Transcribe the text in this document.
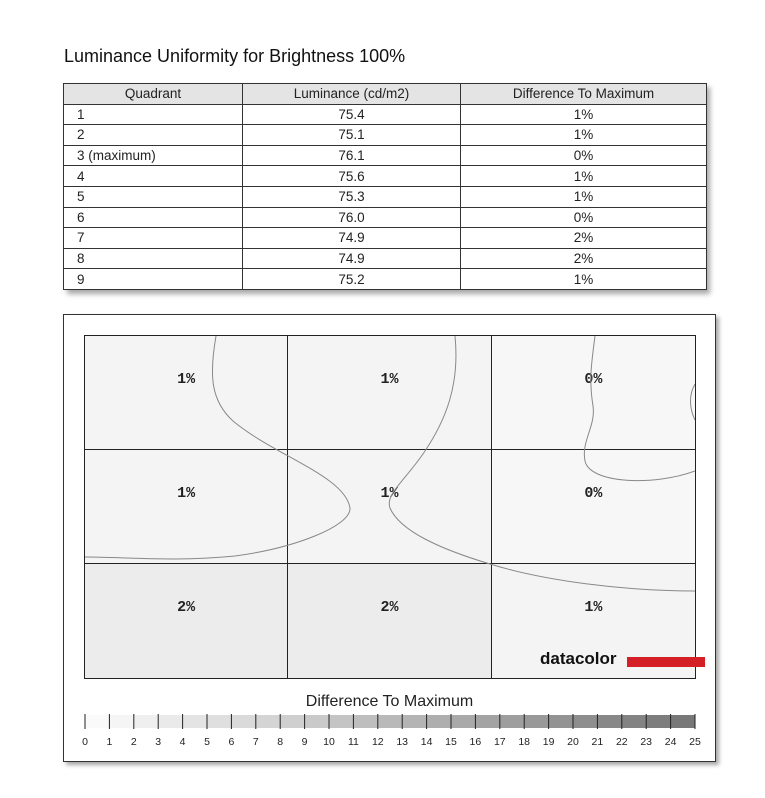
Luminance Uniformity for Brightness 100%
Quadrant	Luminance (cd/m2)	Difference To Maximum
1	75.4	1%
2	75.1	1%
3 (maximum)	76.1	0%
4	75.6	1%
5	75.3	1%
6	76.0	0%
7	74.9	2%
8	74.9	2%
9	75.2	1%
1%
2%
2%
0%
1%
1%
0%
1%
1%
datacolor
Difference To Maximum
0 1 2 3 4 5 6 7 8 9 10 11 12 13 14 15 16 17 18 19 20 21 22 23 24 25
